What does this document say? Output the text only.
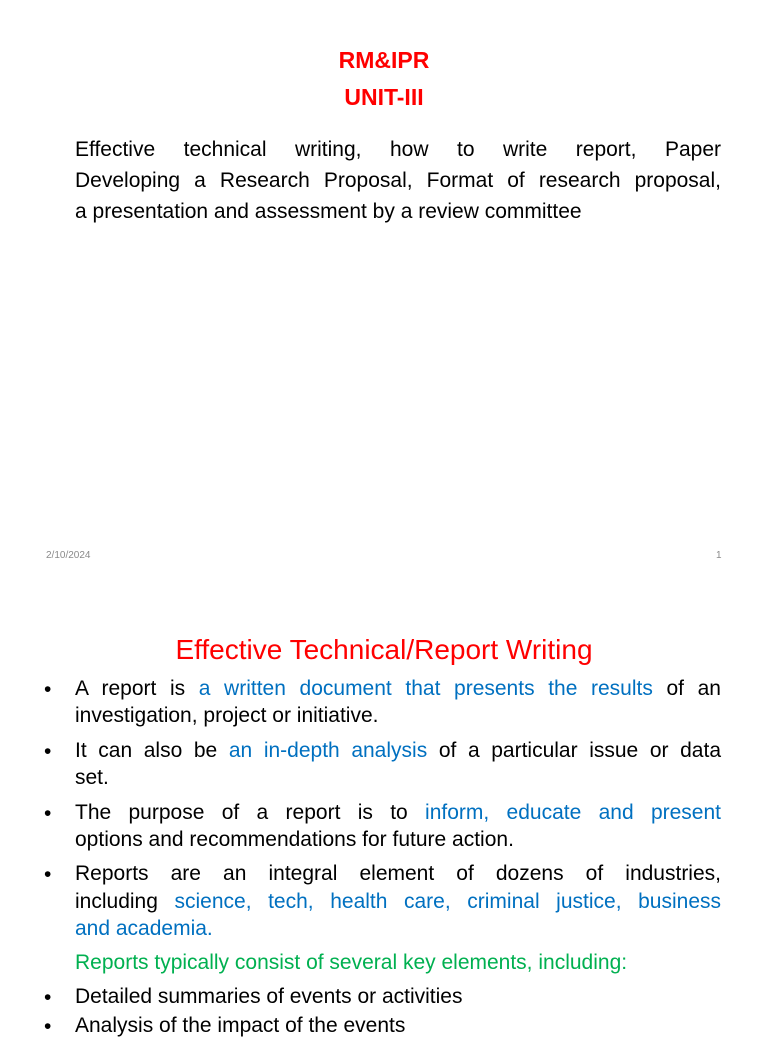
RM&IPR
UNIT-III
Effective technical writing, how to write report, Paper
Developing a Research Proposal, Format of research proposal,
a presentation and assessment by a review committee
2/10/2024	1
Effective Technical/Report Writing
• A report is a written document that presents the results of an
investigation, project or initiative.
• It can also be an in-depth analysis of a particular issue or data
set.
• The purpose of a report is to inform, educate and present
options and recommendations for future action.
• Reports are an integral element of dozens of industries,
including science, tech, health care, criminal justice, business
and academia.
Reports typically consist of several key elements, including:
• Detailed summaries of events or activities
• Analysis of the impact of the events
